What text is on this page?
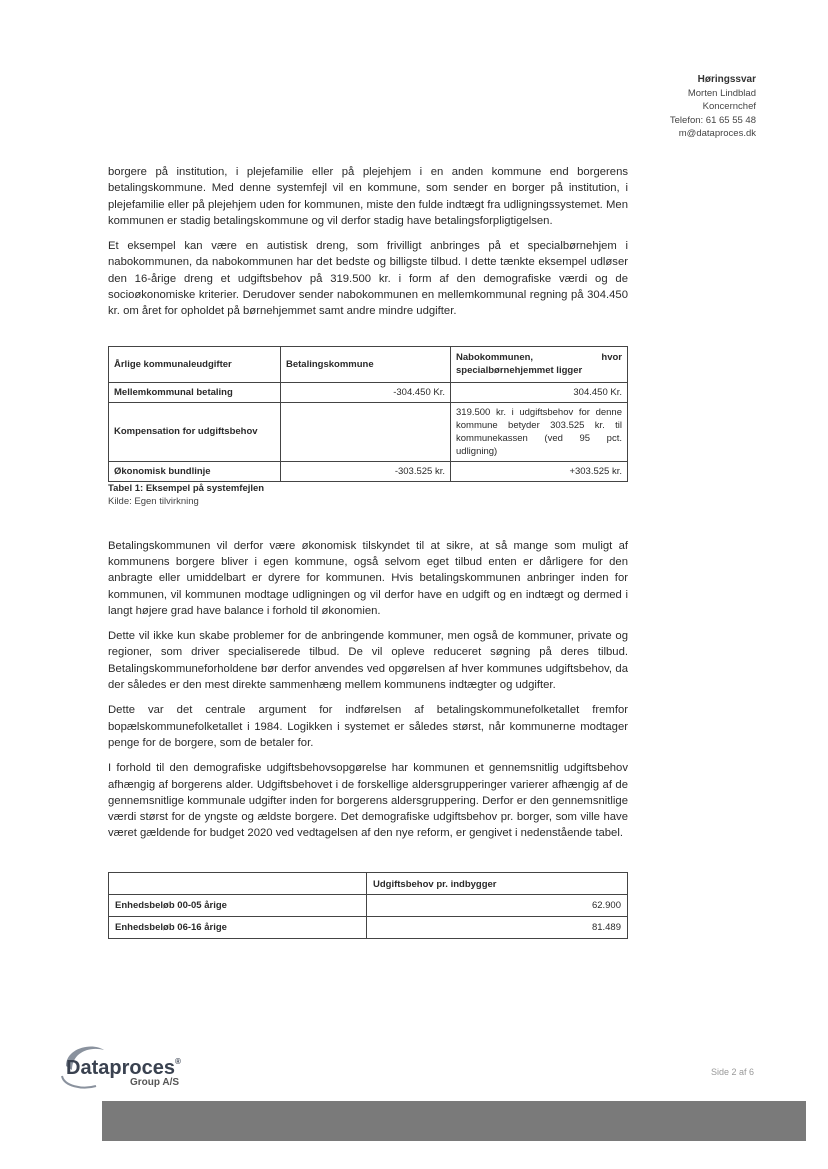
Høringssvar
Morten Lindblad
Koncernchef
Telefon: 61 65 55 48
m@dataproces.dk

borgere på institution, i plejefamilie eller på plejehjem i en anden kommune end borgerens betalingskommune. Med denne systemfejl vil en kommune, som sender en borger på institution, i plejefamilie eller på plejehjem uden for kommunen, miste den fulde indtægt fra udligningssystemet. Men kommunen er stadig betalingskommune og vil derfor stadig have betalingsforpligtigelsen.

Et eksempel kan være en autistisk dreng, som frivilligt anbringes på et specialbørnehjem i nabokommunen, da nabokommunen har det bedste og billigste tilbud. I dette tænkte eksempel udløser den 16-årige dreng et udgiftsbehov på 319.500 kr. i form af den demografiske værdi og de socioøkonomiske kriterier. Derudover sender nabokommunen en mellemkommunal regning på 304.450 kr. om året for opholdet på børnehjemmet samt andre mindre udgifter.

Årlige kommunaleudgifter	Betalingskommune	Nabokommunen, hvor specialbørnehjemmet ligger
Mellemkommunal betaling	-304.450 Kr.	304.450 Kr.
Kompensation for udgiftsbehov		319.500 kr. i udgiftsbehov for denne kommune betyder 303.525 kr. til kommunekassen (ved 95 pct. udligning)
Økonomisk bundlinje	-303.525 kr.	+303.525 kr.
Tabel 1: Eksempel på systemfejlen
Kilde: Egen tilvirkning

Betalingskommunen vil derfor være økonomisk tilskyndet til at sikre, at så mange som muligt af kommunens borgere bliver i egen kommune, også selvom eget tilbud enten er dårligere for den anbragte eller umiddelbart er dyrere for kommunen. Hvis betalingskommunen anbringer inden for kommunen, vil kommunen modtage udligningen og vil derfor have en udgift og en indtægt og dermed i langt højere grad have balance i forhold til økonomien.

Dette vil ikke kun skabe problemer for de anbringende kommuner, men også de kommuner, private og regioner, som driver specialiserede tilbud. De vil opleve reduceret søgning på deres tilbud. Betalingskommuneforholdene bør derfor anvendes ved opgørelsen af hver kommunes udgiftsbehov, da der således er den mest direkte sammenhæng mellem kommunens indtægter og udgifter.

Dette var det centrale argument for indførelsen af betalingskommunefolketallet fremfor bopælskommunefolketallet i 1984. Logikken i systemet er således størst, når kommunerne modtager penge for de borgere, som de betaler for.

I forhold til den demografiske udgiftsbehovsopgørelse har kommunen et gennemsnitlig udgiftsbehov afhængig af borgerens alder. Udgiftsbehovet i de forskellige aldersgrupperinger varierer afhængig af de gennemsnitlige kommunale udgifter inden for borgerens aldersgruppering. Derfor er den gennemsnitlige værdi størst for de yngste og ældste borgere. Det demografiske udgiftsbehov pr. borger, som ville have været gældende for budget 2020 ved vedtagelsen af den nye reform, er gengivet i nedenstående tabel.

	Udgiftsbehov pr. indbygger
Enhedsbeløb 00-05 årige	62.900
Enhedsbeløb 06-16 årige	81.489
Dataproces®
Group A/S
Side 2 af 6
